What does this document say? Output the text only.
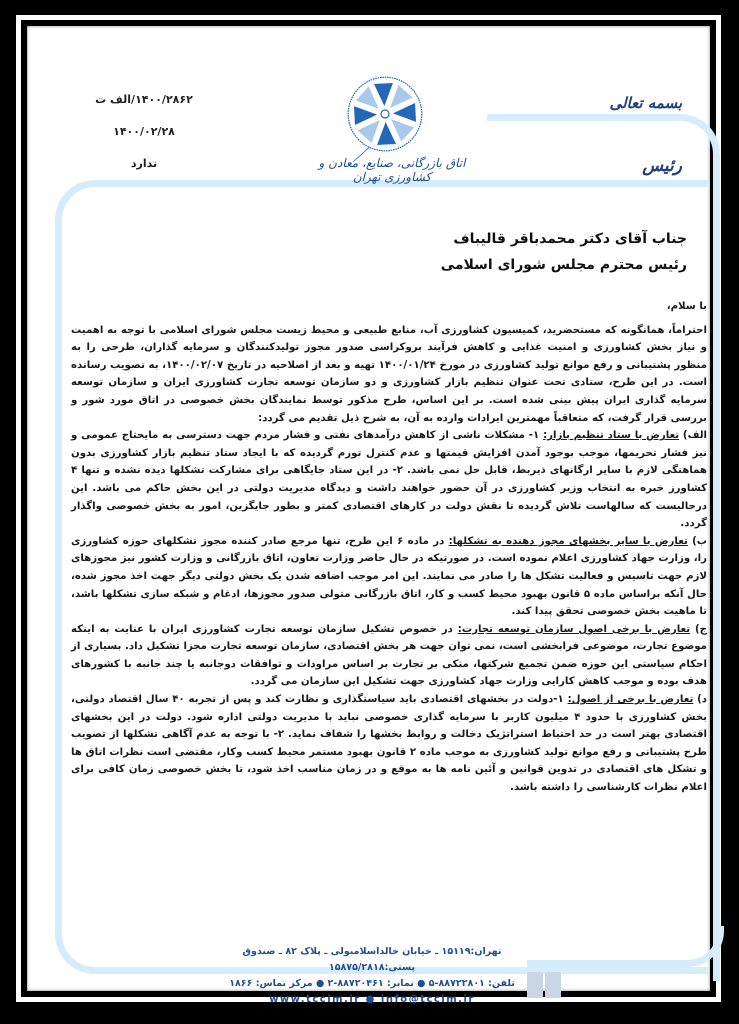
۱۴۰۰/۲۸۶۲/الف ت
۱۴۰۰/۰۲/۲۸
ندارد	اتاق بازرگانی، صنایع، معادن و کشاورزی تهران
بسمه تعالی
رئیس
جناب آقای دکتر محمدباقر قالیباف
رئیس محترم مجلس شورای اسلامی

با سلام،

احتراماً، همانگونه که مستحضرید، کمیسیون کشاورزی آب، منابع طبیعی و محیط زیست مجلس شورای اسلامی با توجه به اهمیت و نیاز بخش کشاورزی و امنیت غذایی و کاهش فرآیند بروکراسی صدور مجوز تولیدکنندگان و سرمایه گذاران، طرحی را به منظور پشتیبانی و رفع موانع تولید کشاورزی در مورخ ۱۴۰۰/۰۱/۲۴ تهیه و بعد از اصلاحیه در تاریخ ۱۴۰۰/۰۲/۰۷، به تصویب رسانده است. در این طرح، ستادی تحت عنوان تنظیم بازار کشاورزی و دو سازمان توسعه تجارت کشاورزی ایران و سازمان توسعه سرمایه گذاری ایران پیش بینی شده است. بر این اساس، طرح مذکور توسط نمایندگان بخش خصوصی در اتاق مورد شور و بررسی قرار گرفت، که متعاقباً مهمترین ایرادات وارده به آن، به شرح ذیل تقدیم می گردد:

الف) تعارض با ستاد تنظیم بازار: ۱- مشکلات ناشی از کاهش درآمدهای نفتی و فشار مردم جهت دسترسی به مایحتاج عمومی و نیز فشار تحریمها، موجب بوجود آمدن افزایش قیمتها و عدم کنترل تورم گردیده که با ایجاد ستاد تنظیم بازار کشاورزی بدون هماهنگی لازم با سایر ارگانهای ذیربط، قابل حل نمی باشد. ۲- در این ستاد جایگاهی برای مشارکت تشکلها دیده نشده و تنها ۴ کشاورز خبره به انتخاب وزیر کشاورزی در آن حضور خواهند داشت و دیدگاه مدیریت دولتی در این بخش حاکم می باشد. این درحالیست که سالهاست تلاش گردیده تا نقش دولت در کارهای اقتصادی کمتر و بطور جایگزین، امور به بخش خصوصی واگذار گردد.

ب) تعارض با سایر بخشهای مجوز دهنده به تشکلها: در ماده ۶ این طرح، تنها مرجع صادر کننده مجوز تشکلهای حوزه کشاورزی را، وزارت جهاد کشاورزی اعلام نموده است. در صورتیکه در حال حاضر وزارت تعاون، اتاق بازرگانی و وزارت کشور نیز مجوزهای لازم جهت تاسیس و فعالیت تشکل ها را صادر می نمایند. این امر موجب اضافه شدن یک بخش دولتی دیگر جهت اخذ مجوز شده، حال آنکه براساس ماده ۵ قانون بهبود محیط کسب و کار، اتاق بازرگانی متولی صدور مجوزها، ادغام و شبکه سازی تشکلها باشد، تا ماهیت بخش خصوصی تحقق پیدا کند.

ج) تعارض با برخی اصول سازمان توسعه تجارت: در خصوص تشکیل سازمان توسعه تجارت کشاورزی ایران با عنایت به اینکه موضوع تجارت، موضوعی فرابخشی است، نمی توان جهت هر بخش اقتصادی، سازمان توسعه تجارت مجزا تشکیل داد. بسیاری از احکام سیاستی این حوزه ضمن تجمیع شرکتها، متکی بر تجارت بر اساس مراودات و توافقات دوجانبه یا چند جانبه با کشورهای هدف بوده و موجب کاهش کارایی وزارت جهاد کشاورزی جهت تشکیل این سازمان می گردد.

د) تعارض با برخی از اصول: ۱-دولت در بخشهای اقتصادی باید سیاستگذاری و نظارت کند و پس از تجربه ۴۰ سال اقتصاد دولتی، بخش کشاورزی با حدود ۴ میلیون کاربر با سرمایه گذاری خصوصی نباید با مدیریت دولتی اداره شود. دولت در این بخشهای اقتصادی بهتر است در حد احتیاط استراتژیک دخالت و روابط بخشها را شفاف نماید. ۲- با توجه به عدم آگاهی تشکلها از تصویب طرح پشتیبانی و رفع موانع تولید کشاورزی به موجب ماده ۲ قانون بهبود مستمر محیط کسب وکار، مقتضی است نظرات اتاق ها و تشکل های اقتصادی در تدوین قوانین و آئین نامه ها به موقع و در زمان مناسب اخذ شود، تا بخش خصوصی زمان کافی برای اعلام نظرات کارشناسی را داشته باشد.

تهران:۱۵۱۱۹ ـ خیابان خالداسلامبولی ـ پلاک ۸۲ ـ صندوق پستی:۱۵۸۷۵/۲۸۱۸
تلفن: ۸۸۷۲۲۸۰۱-۵ ● نمابر: ۸۸۷۲۰۴۶۱-۲ ● مرکز تماس: ۱۸۶۶
www.tccim.ir ● info@tccim.ir
